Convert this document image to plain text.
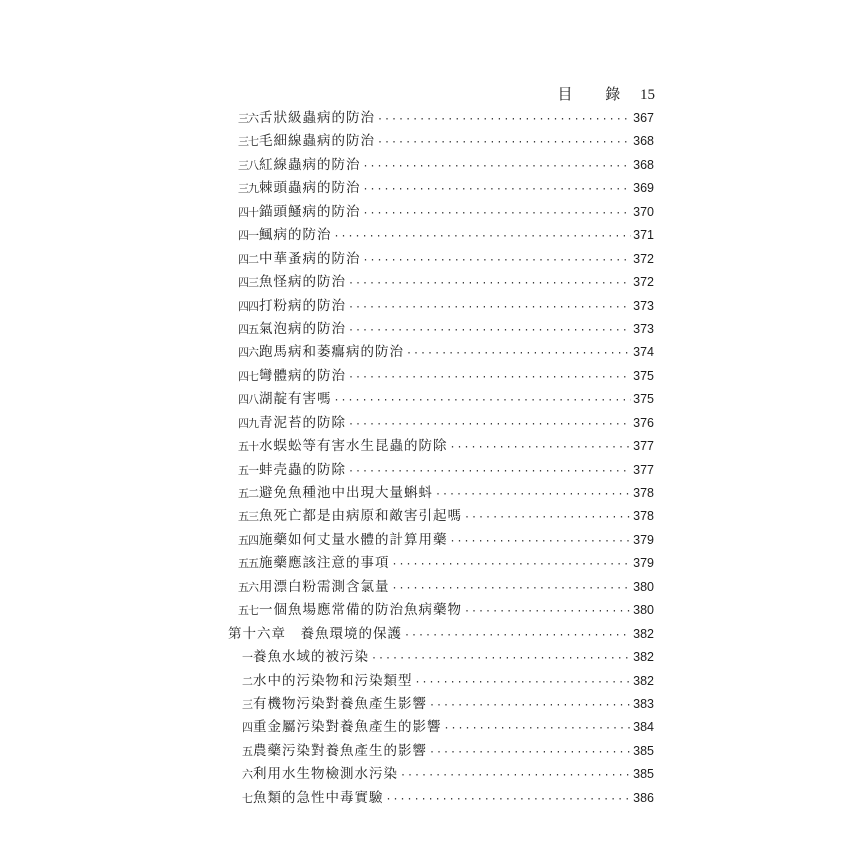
目 錄 15
三六 舌狀級蟲病的防治 ·····	367
三七 毛細線蟲病的防治 ·····	368
三八 紅線蟲病的防治 ·····	368
三九 棘頭蟲病的防治 ·····	369
四十 錨頭鰠病的防治 ·····	370
四一 鯴病的防治 ·····	371
四二 中華蚤病的防治 ·····	372
四三 魚怪病的防治 ·····	372
四四 打粉病的防治 ·····	373
四五 氣泡病的防治 ·····	373
四六 跑馬病和萎癟病的防治 ·····	374
四七 彎體病的防治 ·····	375
四八 湖靛有害嗎 ·····	375
四九 青泥苔的防除 ·····	376
五十 水蜈蚣等有害水生昆蟲的防除 ·····	377
五一 蚌壳蟲的防除 ·····	377
五二 避免魚種池中出現大量蝌蚪 ·····	378
五三 魚死亡都是由病原和敵害引起嗎 ·····	378
五四 施藥如何丈量水體的計算用藥 ·····	379
五五 施藥應該注意的事項 ·····	379
五六 用漂白粉需測含氯量 ·····	380
五七 一個魚場應常備的防治魚病藥物 ·····	380
第十六章　養魚環境的保護 ·····	382
一 養魚水域的被污染 ·····	382
二 水中的污染物和污染類型 ·····	382
三 有機物污染對養魚產生影響 ·····	383
四 重金屬污染對養魚產生的影響 ·····	384
五 農藥污染對養魚產生的影響 ·····	385
六 利用水生物檢測水污染 ·····	385
七 魚類的急性中毒實驗 ·····	386
